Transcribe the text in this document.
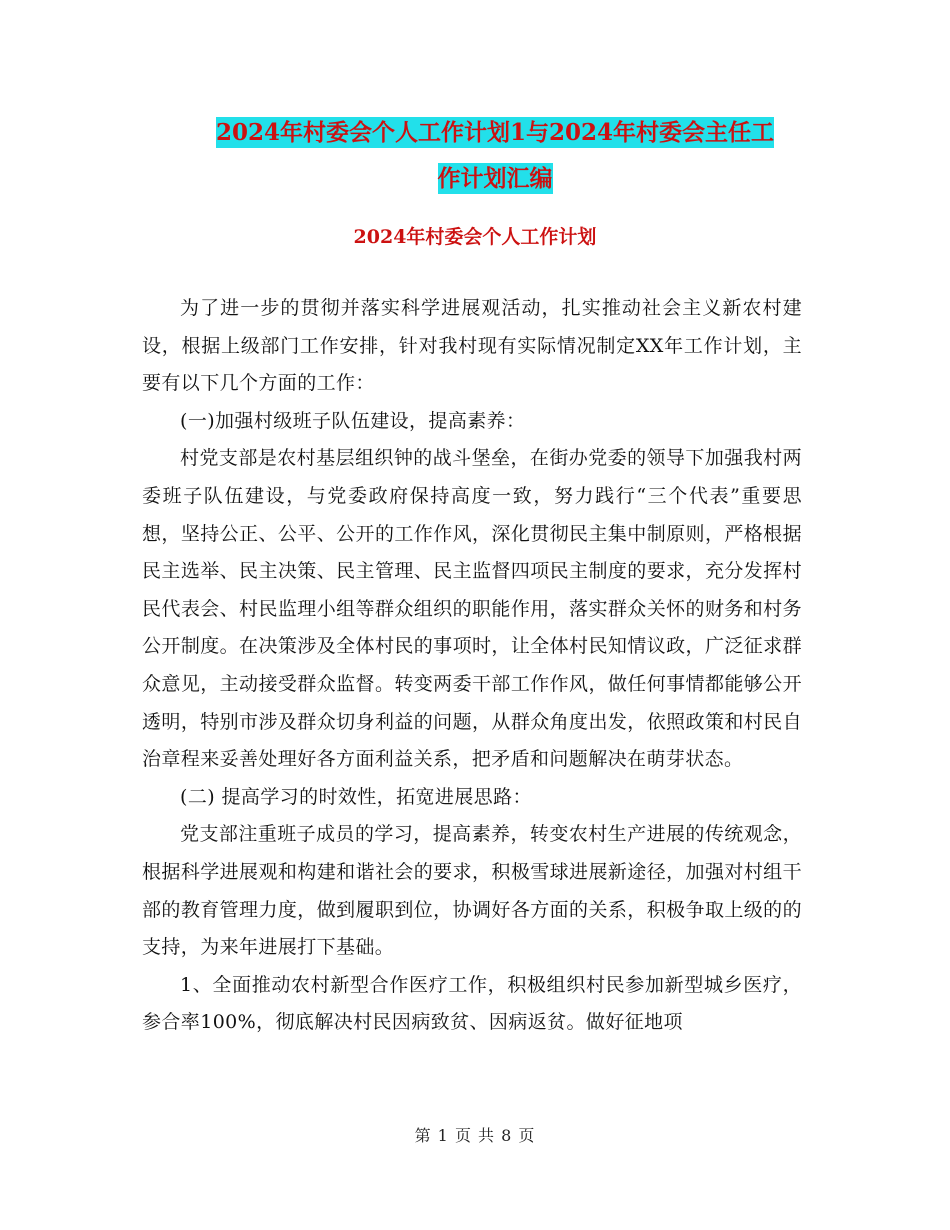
2024年村委会个人工作计划1与2024年村委会主任工
作计划汇编
2024年村委会个人工作计划

为了进一步的贯彻并落实科学进展观活动，扎实推动社会主义新农村建设，根据上级部门工作安排，针对我村现有实际情况制定XX年工作计划，主要有以下几个方面的工作：

(一)加强村级班子队伍建设，提高素养：

村党支部是农村基层组织钟的战斗堡垒，在街办党委的领导下加强我村两委班子队伍建设，与党委政府保持高度一致，努力践行“三个代表”重要思想，坚持公正、公平、公开的工作作风，深化贯彻民主集中制原则，严格根据民主选举、民主决策、民主管理、民主监督四项民主制度的要求，充分发挥村民代表会、村民监理小组等群众组织的职能作用，落实群众关怀的财务和村务公开制度。在决策涉及全体村民的事项时，让全体村民知情议政，广泛征求群众意见，主动接受群众监督。转变两委干部工作作风，做任何事情都能够公开透明，特别市涉及群众切身利益的问题，从群众角度出发，依照政策和村民自治章程来妥善处理好各方面利益关系，把矛盾和问题解决在萌芽状态。

(二) 提高学习的时效性，拓宽进展思路：

党支部注重班子成员的学习，提高素养，转变农村生产进展的传统观念，根据科学进展观和构建和谐社会的要求，积极雪球进展新途径，加强对村组干部的教育管理力度，做到履职到位，协调好各方面的关系，积极争取上级的的支持，为来年进展打下基础。

1、全面推动农村新型合作医疗工作，积极组织村民参加新型城乡医疗，参合率100%，彻底解决村民因病致贫、因病返贫。做好征地项

第 1 页 共 8 页
